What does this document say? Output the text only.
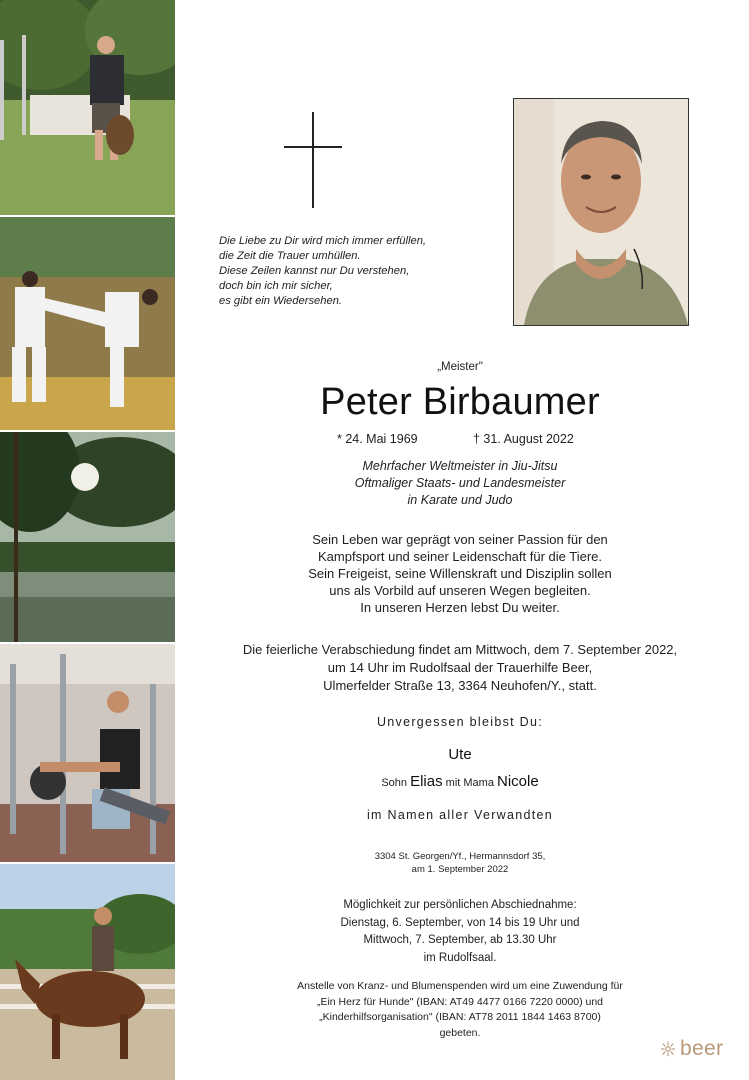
Die Liebe zu Dir wird mich immer erfüllen,
die Zeit die Trauer umhüllen.
Diese Zeilen kannst nur Du verstehen,
doch bin ich mir sicher,
es gibt ein Wiedersehen.
„Meister"
Peter Birbaumer
* 24. Mai 1969	† 31. August 2022
Mehrfacher Weltmeister in Jiu-Jitsu
Oftmaliger Staats- und Landesmeister
in Karate und Judo
Sein Leben war geprägt von seiner Passion für den
Kampfsport und seiner Leidenschaft für die Tiere.
Sein Freigeist, seine Willenskraft und Disziplin sollen
uns als Vorbild auf unseren Wegen begleiten.
In unseren Herzen lebst Du weiter.
Die feierliche Verabschiedung findet am Mittwoch, dem 7. September 2022,
um 14 Uhr im Rudolfsaal der Trauerhilfe Beer,
Ulmerfelder Straße 13, 3364 Neuhofen/Y., statt.
Unvergessen bleibst Du:
Ute
Sohn Elias mit Mama Nicole
im Namen aller Verwandten
3304 St. Georgen/Yf., Hermannsdorf 35,
am 1. September 2022
Möglichkeit zur persönlichen Abschiednahme:
Dienstag, 6. September, von 14 bis 19 Uhr und
Mittwoch, 7. September, ab 13.30 Uhr
im Rudolfsaal.
Anstelle von Kranz- und Blumenspenden wird um eine Zuwendung für
„Ein Herz für Hunde" (IBAN: AT49 4477 0166 7220 0000) und
„Kinderhilfsorganisation" (IBAN: AT78 2011 1844 1463 8700)
gebeten.
beer
